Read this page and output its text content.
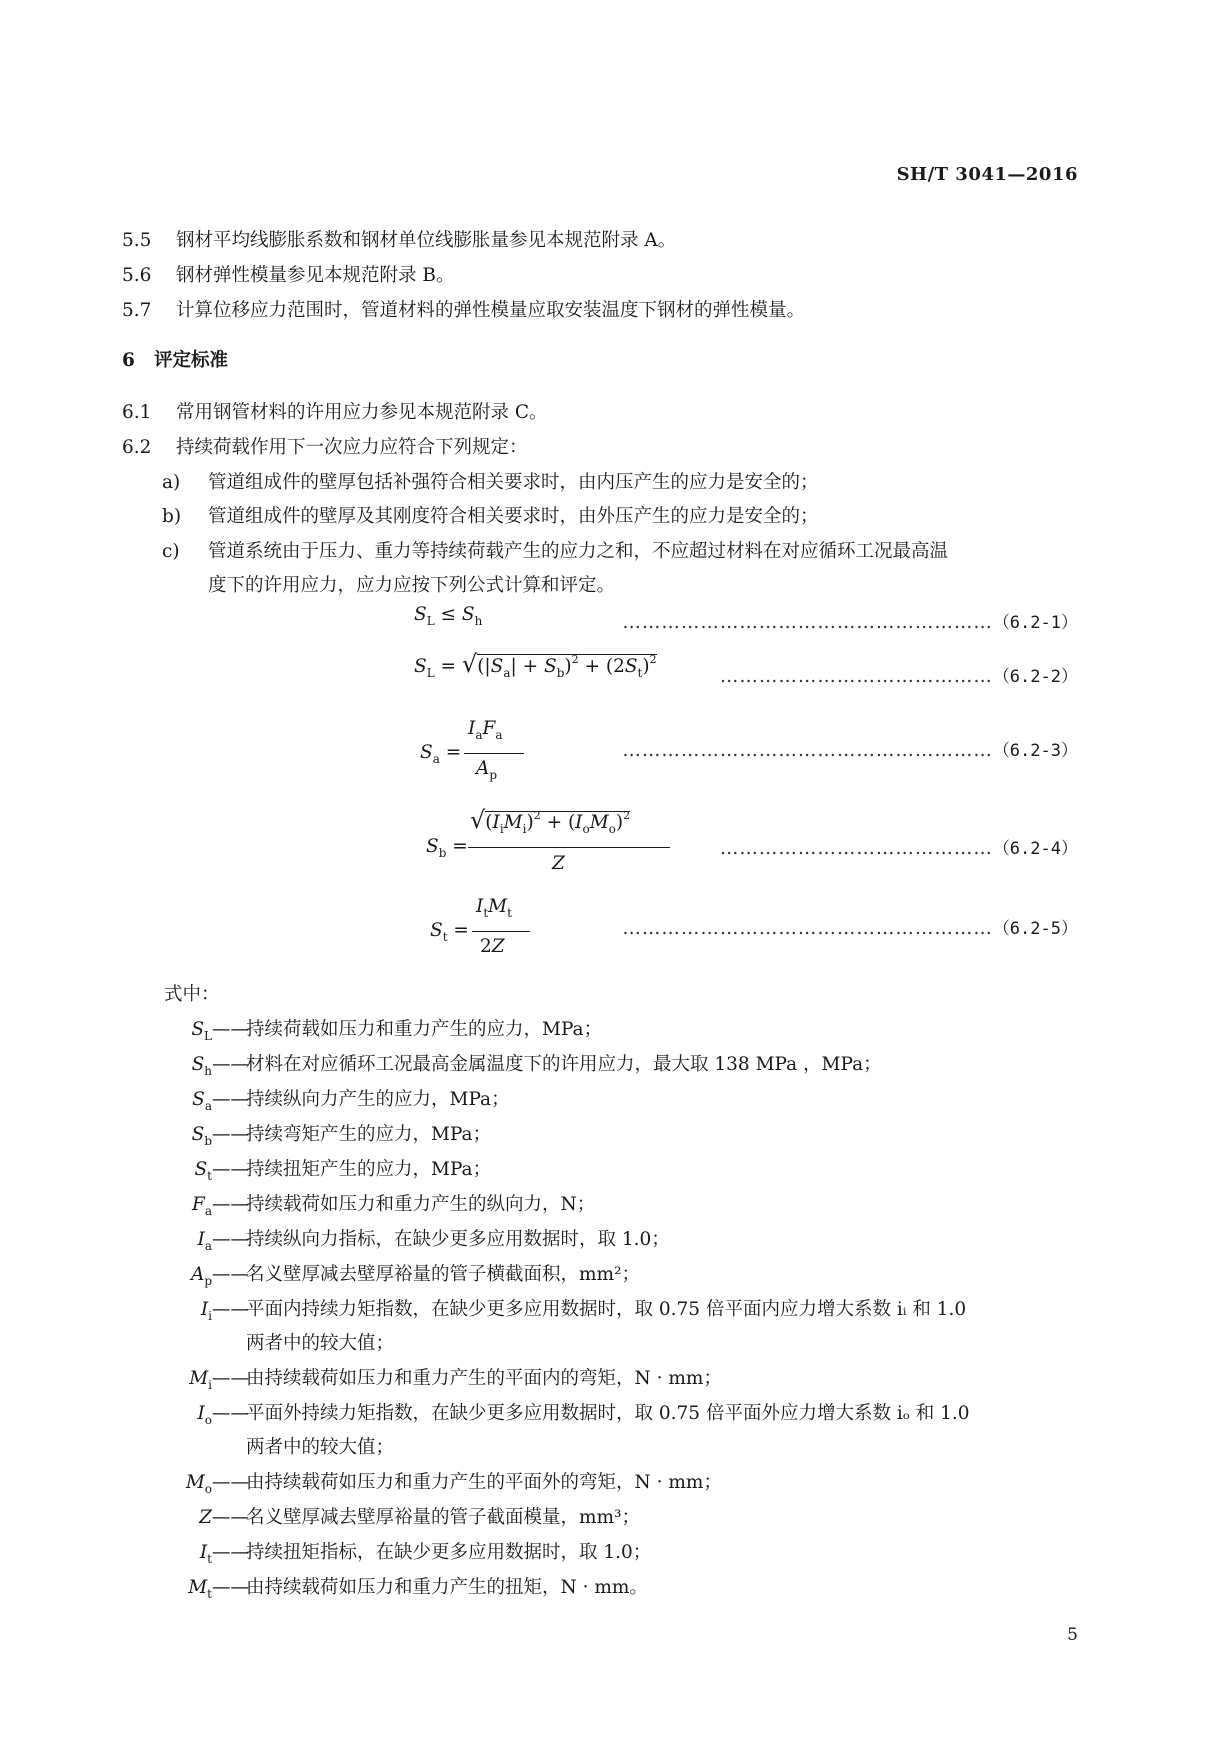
SH/T 3041—2016
5.5 钢材平均线膨胀系数和钢材单位线膨胀量参见本规范附录 A。
5.6 钢材弹性模量参见本规范附录 B。
5.7 计算位移应力范围时，管道材料的弹性模量应取安装温度下钢材的弹性模量。
6 评定标准
6.1 常用钢管材料的许用应力参见本规范附录 C。
6.2 持续荷载作用下一次应力应符合下列规定：
a) 管道组成件的壁厚包括补强符合相关要求时，由内压产生的应力是安全的；
b) 管道组成件的壁厚及其刚度符合相关要求时，由外压产生的应力是安全的；
c) 管道系统由于压力、重力等持续荷载产生的应力之和，不应超过材料在对应循环工况最高温
度下的许用应力，应力应按下列公式计算和评定。
$S_L \le S_h$	…………………………………………………（6.2-1）
$S_L = √(|S_a| + S_b)^2 + (2S_t)^2$
……………………………………（6.2-2）
$S_a$ =
$I_aF_a$
$A_p$
…………………………………………………（6.2-3）
$S_b$ =
$√(I_iM_i)^2 + (I_oM_o)^2$
Z
……………………………………（6.2-4）
$S_t$ =
$I_tM_t$
2Z
…………………………………………………（6.2-5）
式中：
$S_L——$持续荷载如压力和重力产生的应力，MPa；
$S_h——$材料在对应循环工况最高金属温度下的许用应力，最大取 138 MPa ，MPa；
$S_a——$持续纵向力产生的应力，MPa；
$S_b——$持续弯矩产生的应力，MPa；
$S_t——$持续扭矩产生的应力，MPa；
$F_a——$持续载荷如压力和重力产生的纵向力，N；
$I_a——$持续纵向力指标，在缺少更多应用数据时，取 1.0；
$A_p——$名义壁厚减去壁厚裕量的管子横截面积，mm²；
$I_i——$平面内持续力矩指数，在缺少更多应用数据时，取 0.75 倍平面内应力增大系数 iᵢ 和 1.0
两者中的较大值；
$M_i——$由持续载荷如压力和重力产生的平面内的弯矩，N · mm；
$I_o——$平面外持续力矩指数，在缺少更多应用数据时，取 0.75 倍平面外应力增大系数 iₒ 和 1.0
两者中的较大值；
$M_o——$由持续载荷如压力和重力产生的平面外的弯矩，N · mm；
Z——名义壁厚减去壁厚裕量的管子截面模量，mm³；
$I_t——$持续扭矩指标，在缺少更多应用数据时，取 1.0；
$M_t——$由持续载荷如压力和重力产生的扭矩，N · mm。
5
